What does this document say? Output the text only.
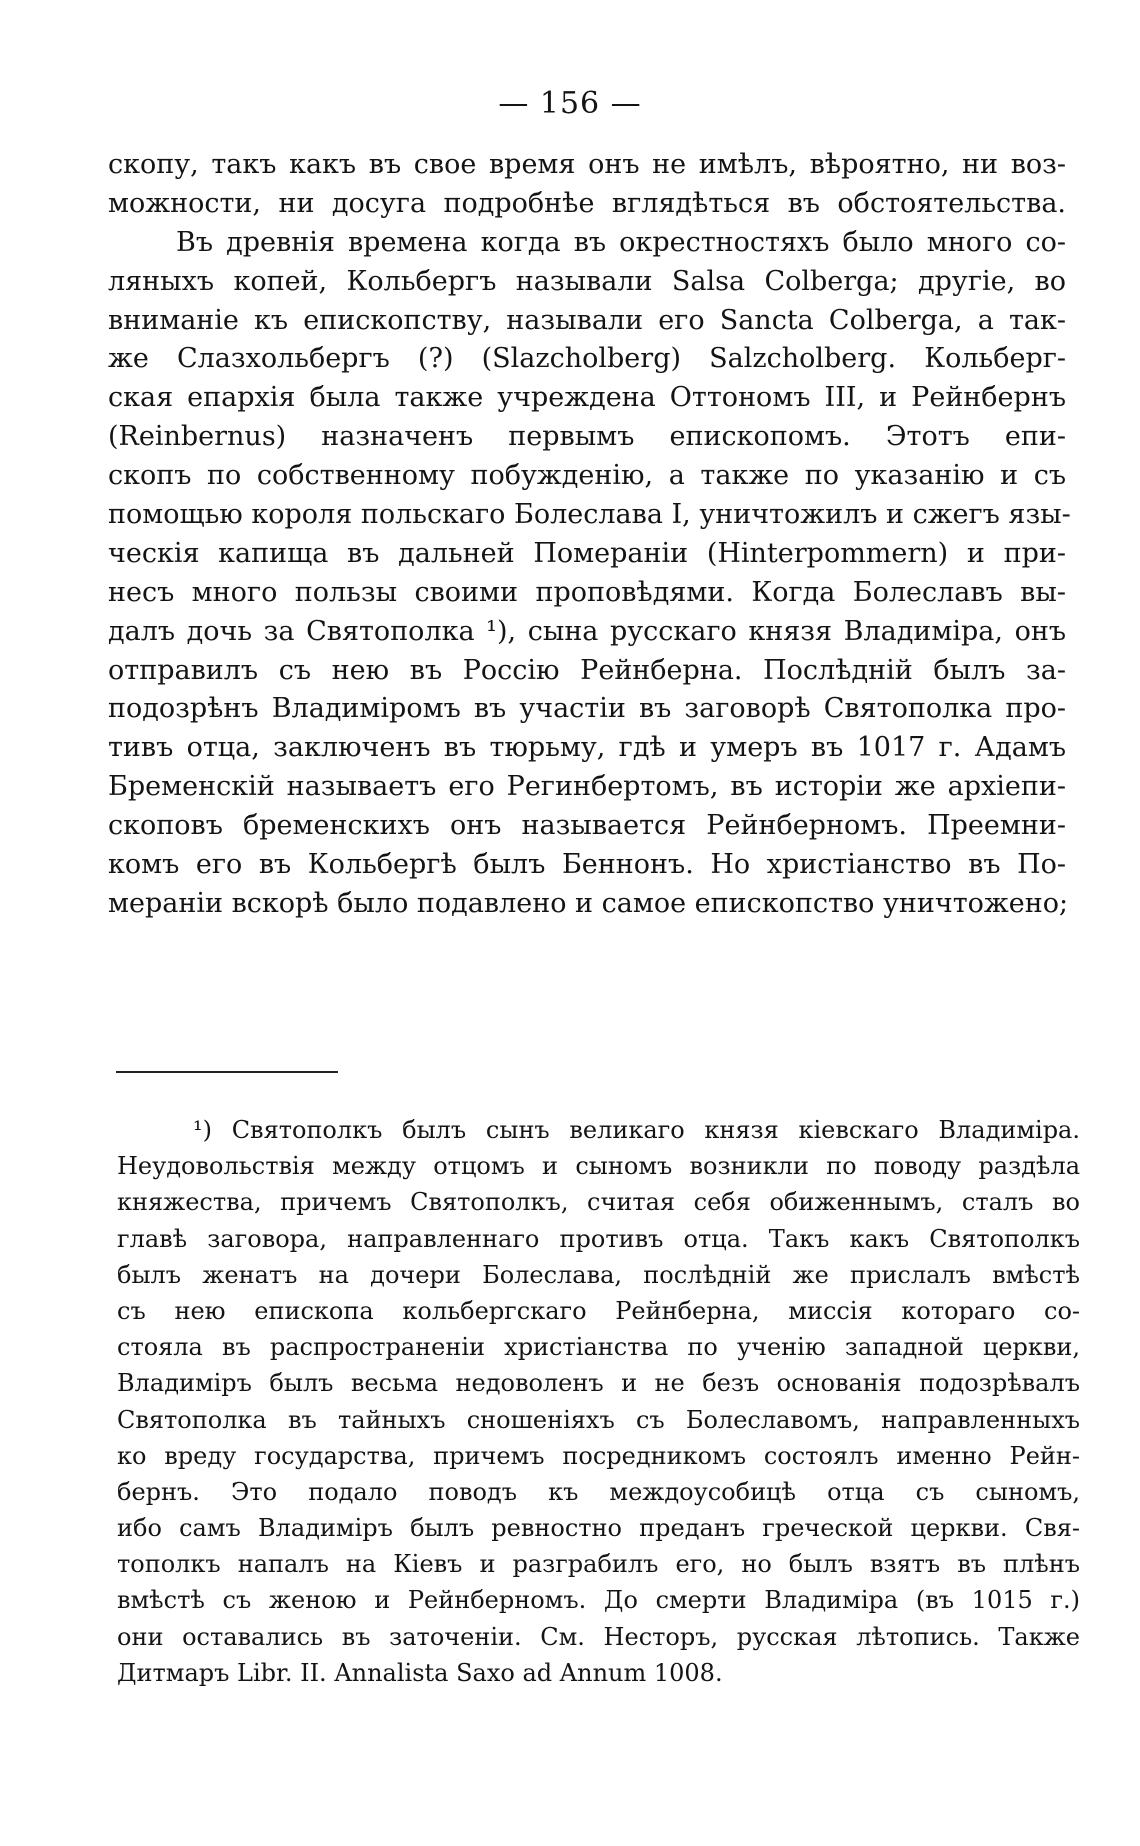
— 156 —
скопу, такъ какъ въ свое время онъ не имѣлъ, вѣроятно, ни воз-
можности, ни досуга подробнѣе вглядѣться въ обстоятельства.
Въ древнія времена когда въ окрестностяхъ было много со-
ляныхъ копей, Кольбергъ называли Salsa Colberga; другіе, во
вниманіе къ епископству, называли его Sancta Colberga, а так-
же Слазхольбергъ (?) (Slazcholberg) Salzcholberg. Кольберг-
ская епархія была также учреждена Оттономъ III, и Рейнбернъ
(Reinbernus) назначенъ первымъ епископомъ. Этотъ епи-
скопъ по собственному побужденію, а также по указанію и съ
помощью короля польскаго Болеслава I, уничтожилъ и сжегъ язы-
ческія капища въ дальней Помераніи (Hinterpommern) и при-
несъ много пользы своими проповѣдями. Когда Болеславъ вы-
далъ дочь за Святополка ¹), сына русскаго князя Владиміра, онъ
отправилъ съ нею въ Россію Рейнберна. Послѣдній былъ за-
подозрѣнъ Владиміромъ въ участіи въ заговорѣ Святополка про-
тивъ отца, заключенъ въ тюрьму, гдѣ и умеръ въ 1017 г. Адамъ
Бременскій называетъ его Регинбертомъ, въ исторіи же архіепи-
скоповъ бременскихъ онъ называется Рейнберномъ. Преемни-
комъ его въ Кольбергѣ былъ Беннонъ. Но христіанство въ По-
мераніи вскорѣ было подавлено и самое епископство уничтожено;
¹) Святополкъ былъ сынъ великаго князя кіевскаго Владиміра.
Неудовольствія между отцомъ и сыномъ возникли по поводу раздѣла
княжества, причемъ Святополкъ, считая себя обиженнымъ, сталъ во
главѣ заговора, направленнаго противъ отца. Такъ какъ Святополкъ
былъ женатъ на дочери Болеслава, послѣдній же прислалъ вмѣстѣ
съ нею епископа кольбергскаго Рейнберна, миссія котораго со-
стояла въ распространеніи христіанства по ученію западной церкви,
Владиміръ былъ весьма недоволенъ и не безъ основанія подозрѣвалъ
Святополка въ тайныхъ сношеніяхъ съ Болеславомъ, направленныхъ
ко вреду государства, причемъ посредникомъ состоялъ именно Рейн-
бернъ. Это подало поводъ къ междоусобицѣ отца съ сыномъ,
ибо самъ Владиміръ былъ ревностно преданъ греческой церкви. Свя-
тополкъ напалъ на Кіевъ и разграбилъ его, но былъ взятъ въ плѣнъ
вмѣстѣ съ женою и Рейнберномъ. До смерти Владиміра (въ 1015 г.)
они оставались въ заточеніи. См. Несторъ, русская лѣтопись. Также
Дитмаръ Libr. II. Annalista Saxo ad Annum 1008.
